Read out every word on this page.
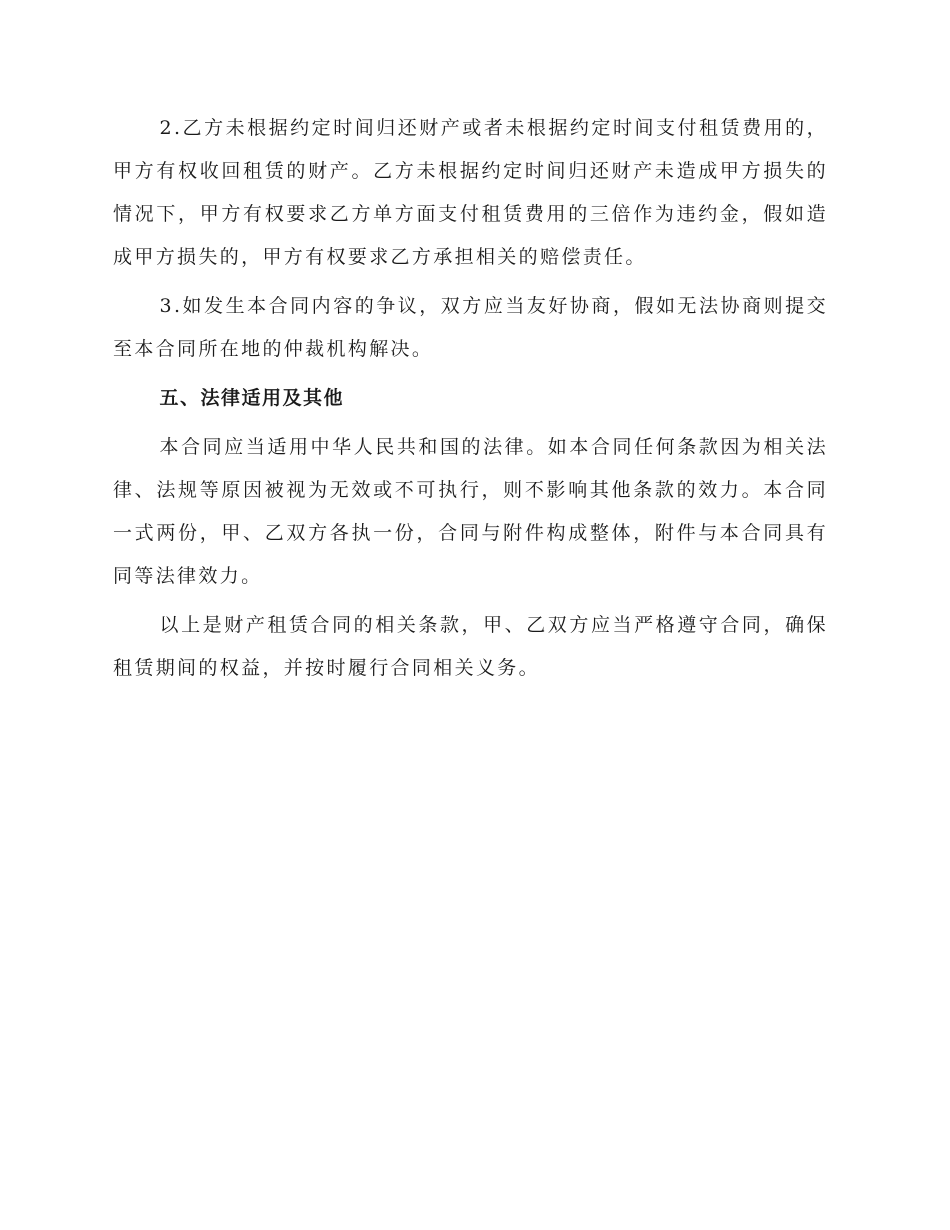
2.乙方未根据约定时间归还财产或者未根据约定时间支付租赁费用的，甲方有权收回租赁的财产。乙方未根据约定时间归还财产未造成甲方损失的情况下，甲方有权要求乙方单方面支付租赁费用的三倍作为违约金，假如造成甲方损失的，甲方有权要求乙方承担相关的赔偿责任。

3.如发生本合同内容的争议，双方应当友好协商，假如无法协商则提交至本合同所在地的仲裁机构解决。

五、法律适用及其他

本合同应当适用中华人民共和国的法律。如本合同任何条款因为相关法律、法规等原因被视为无效或不可执行，则不影响其他条款的效力。本合同一式两份，甲、乙双方各执一份，合同与附件构成整体，附件与本合同具有同等法律效力。

以上是财产租赁合同的相关条款，甲、乙双方应当严格遵守合同，确保租赁期间的权益，并按时履行合同相关义务。
